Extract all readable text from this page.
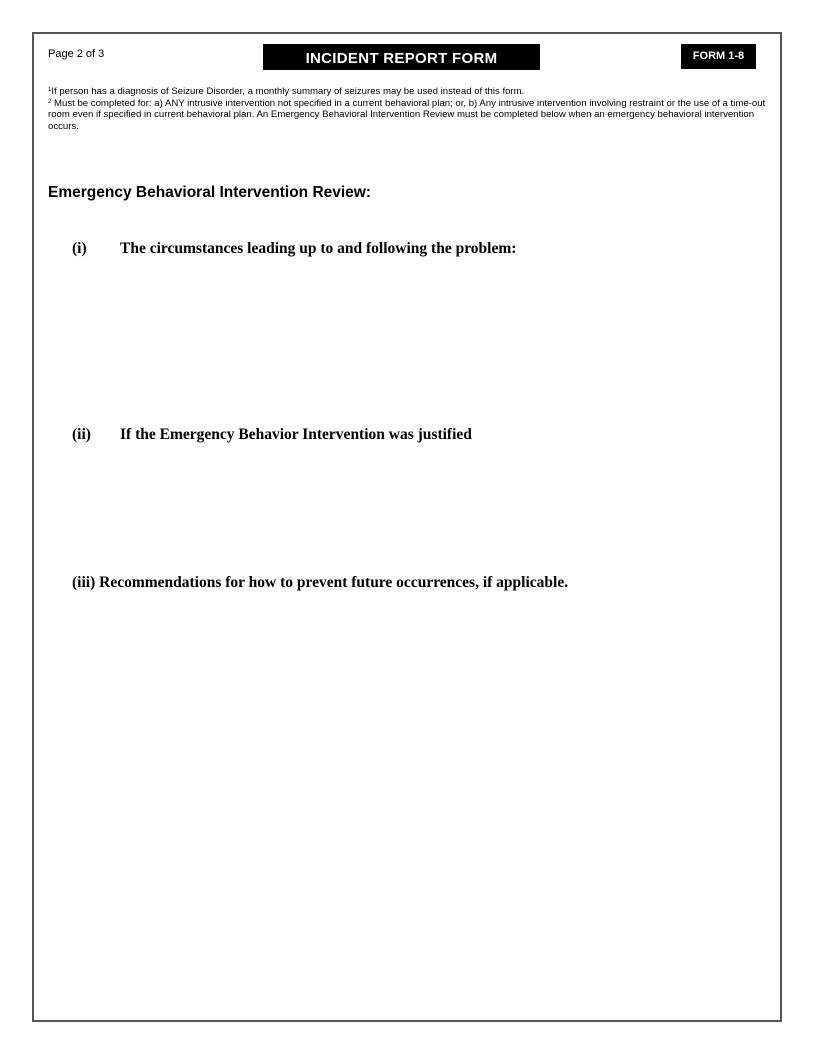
Page 2 of 3	INCIDENT REPORT FORM	FORM 1-8

$^1$If person has a diagnosis of Seizure Disorder, a monthly summary of seizures may be used instead of this form.

$^2$ Must be completed for: a) ANY intrusive intervention not specified in a current behavioral plan; or, b) Any intrusive intervention involving restraint or the use of a time-out room even if specified in current behavioral plan. An Emergency Behavioral Intervention Review must be completed below when an emergency behavioral intervention occurs.

Emergency Behavioral Intervention Review:
(i) The circumstances leading up to and following the problem:
(ii) If the Emergency Behavior Intervention was justified
(iii) Recommendations for how to prevent future occurrences, if applicable.
